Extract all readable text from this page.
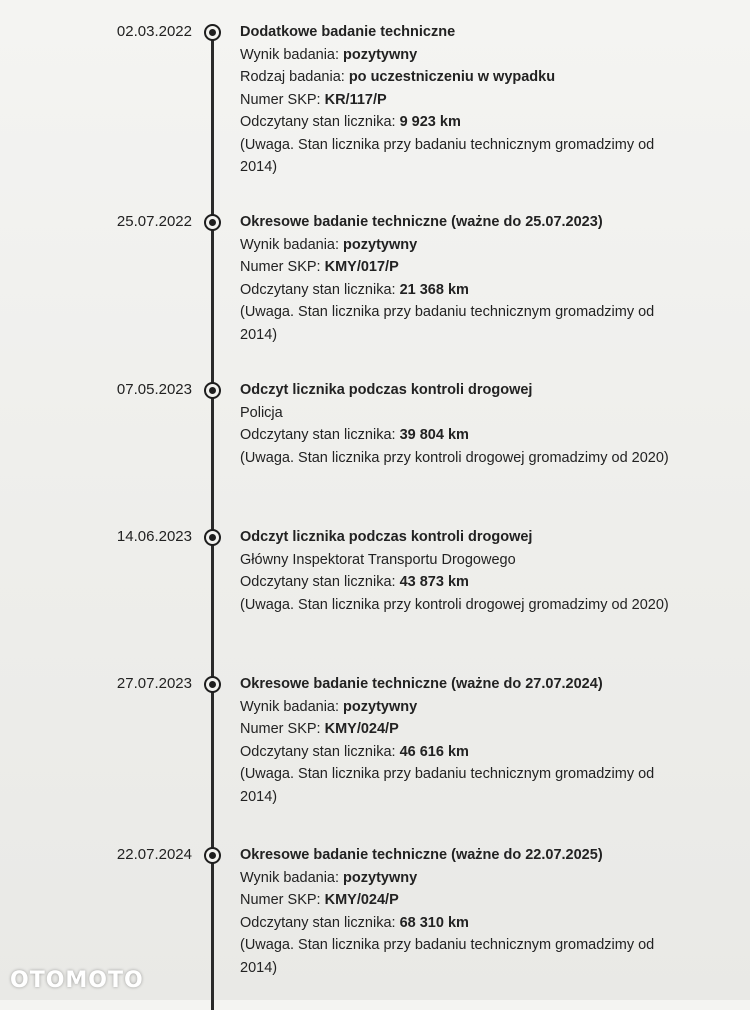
02.03.2022	Dodatkowe badanie techniczne
Wynik badania: pozytywny
Rodzaj badania: po uczestniczeniu w wypadku
Numer SKP: KR/117/P
Odczytany stan licznika: 9 923 km
(Uwaga. Stan licznika przy badaniu technicznym gromadzimy od 2014)
25.07.2022	Okresowe badanie techniczne (ważne do 25.07.2023)
Wynik badania: pozytywny
Numer SKP: KMY/017/P
Odczytany stan licznika: 21 368 km
(Uwaga. Stan licznika przy badaniu technicznym gromadzimy od 2014)
07.05.2023	Odczyt licznika podczas kontroli drogowej
Policja
Odczytany stan licznika: 39 804 km
(Uwaga. Stan licznika przy kontroli drogowej gromadzimy od 2020)
14.06.2023	Odczyt licznika podczas kontroli drogowej
Główny Inspektorat Transportu Drogowego
Odczytany stan licznika: 43 873 km
(Uwaga. Stan licznika przy kontroli drogowej gromadzimy od 2020)
27.07.2023	Okresowe badanie techniczne (ważne do 27.07.2024)
Wynik badania: pozytywny
Numer SKP: KMY/024/P
Odczytany stan licznika: 46 616 km
(Uwaga. Stan licznika przy badaniu technicznym gromadzimy od 2014)
22.07.2024	Okresowe badanie techniczne (ważne do 22.07.2025)
Wynik badania: pozytywny
Numer SKP: KMY/024/P
Odczytany stan licznika: 68 310 km
(Uwaga. Stan licznika przy badaniu technicznym gromadzimy od 2014)
OTOMOTO
